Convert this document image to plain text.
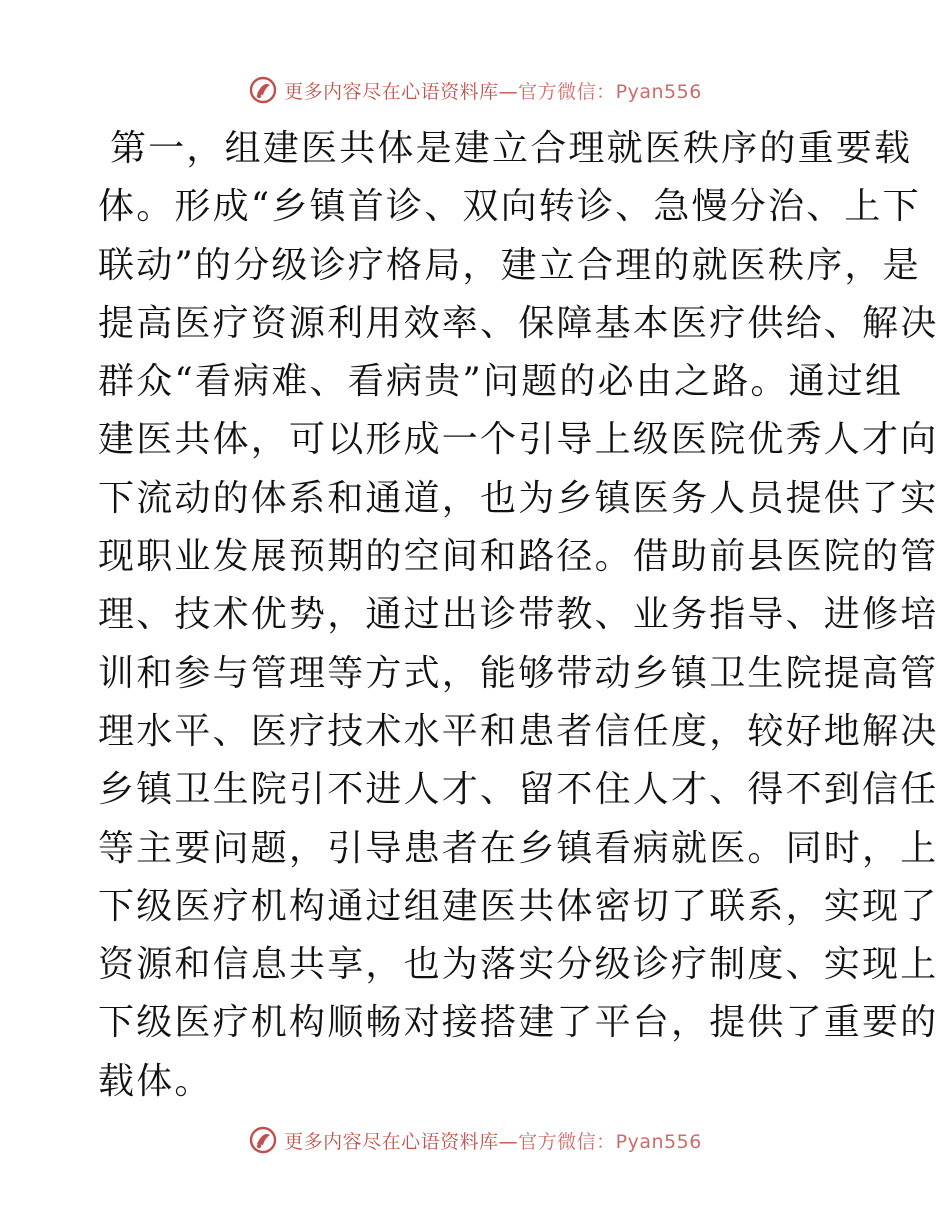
更多内容尽在心语资料库—官方微信：Pyan556
第一，组建医共体是建立合理就医秩序的重要载
体。形成“乡镇首诊、双向转诊、急慢分治、上下
联动”的分级诊疗格局，建立合理的就医秩序，是
提高医疗资源利用效率、保障基本医疗供给、解决
群众“看病难、看病贵”问题的必由之路。通过组
建医共体，可以形成一个引导上级医院优秀人才向
下流动的体系和通道，也为乡镇医务人员提供了实
现职业发展预期的空间和路径。借助前县医院的管
理、技术优势，通过出诊带教、业务指导、进修培
训和参与管理等方式，能够带动乡镇卫生院提高管
理水平、医疗技术水平和患者信任度，较好地解决
乡镇卫生院引不进人才、留不住人才、得不到信任
等主要问题，引导患者在乡镇看病就医。同时，上
下级医疗机构通过组建医共体密切了联系，实现了
资源和信息共享，也为落实分级诊疗制度、实现上
下级医疗机构顺畅对接搭建了平台，提供了重要的
载体。
更多内容尽在心语资料库—官方微信：Pyan556
